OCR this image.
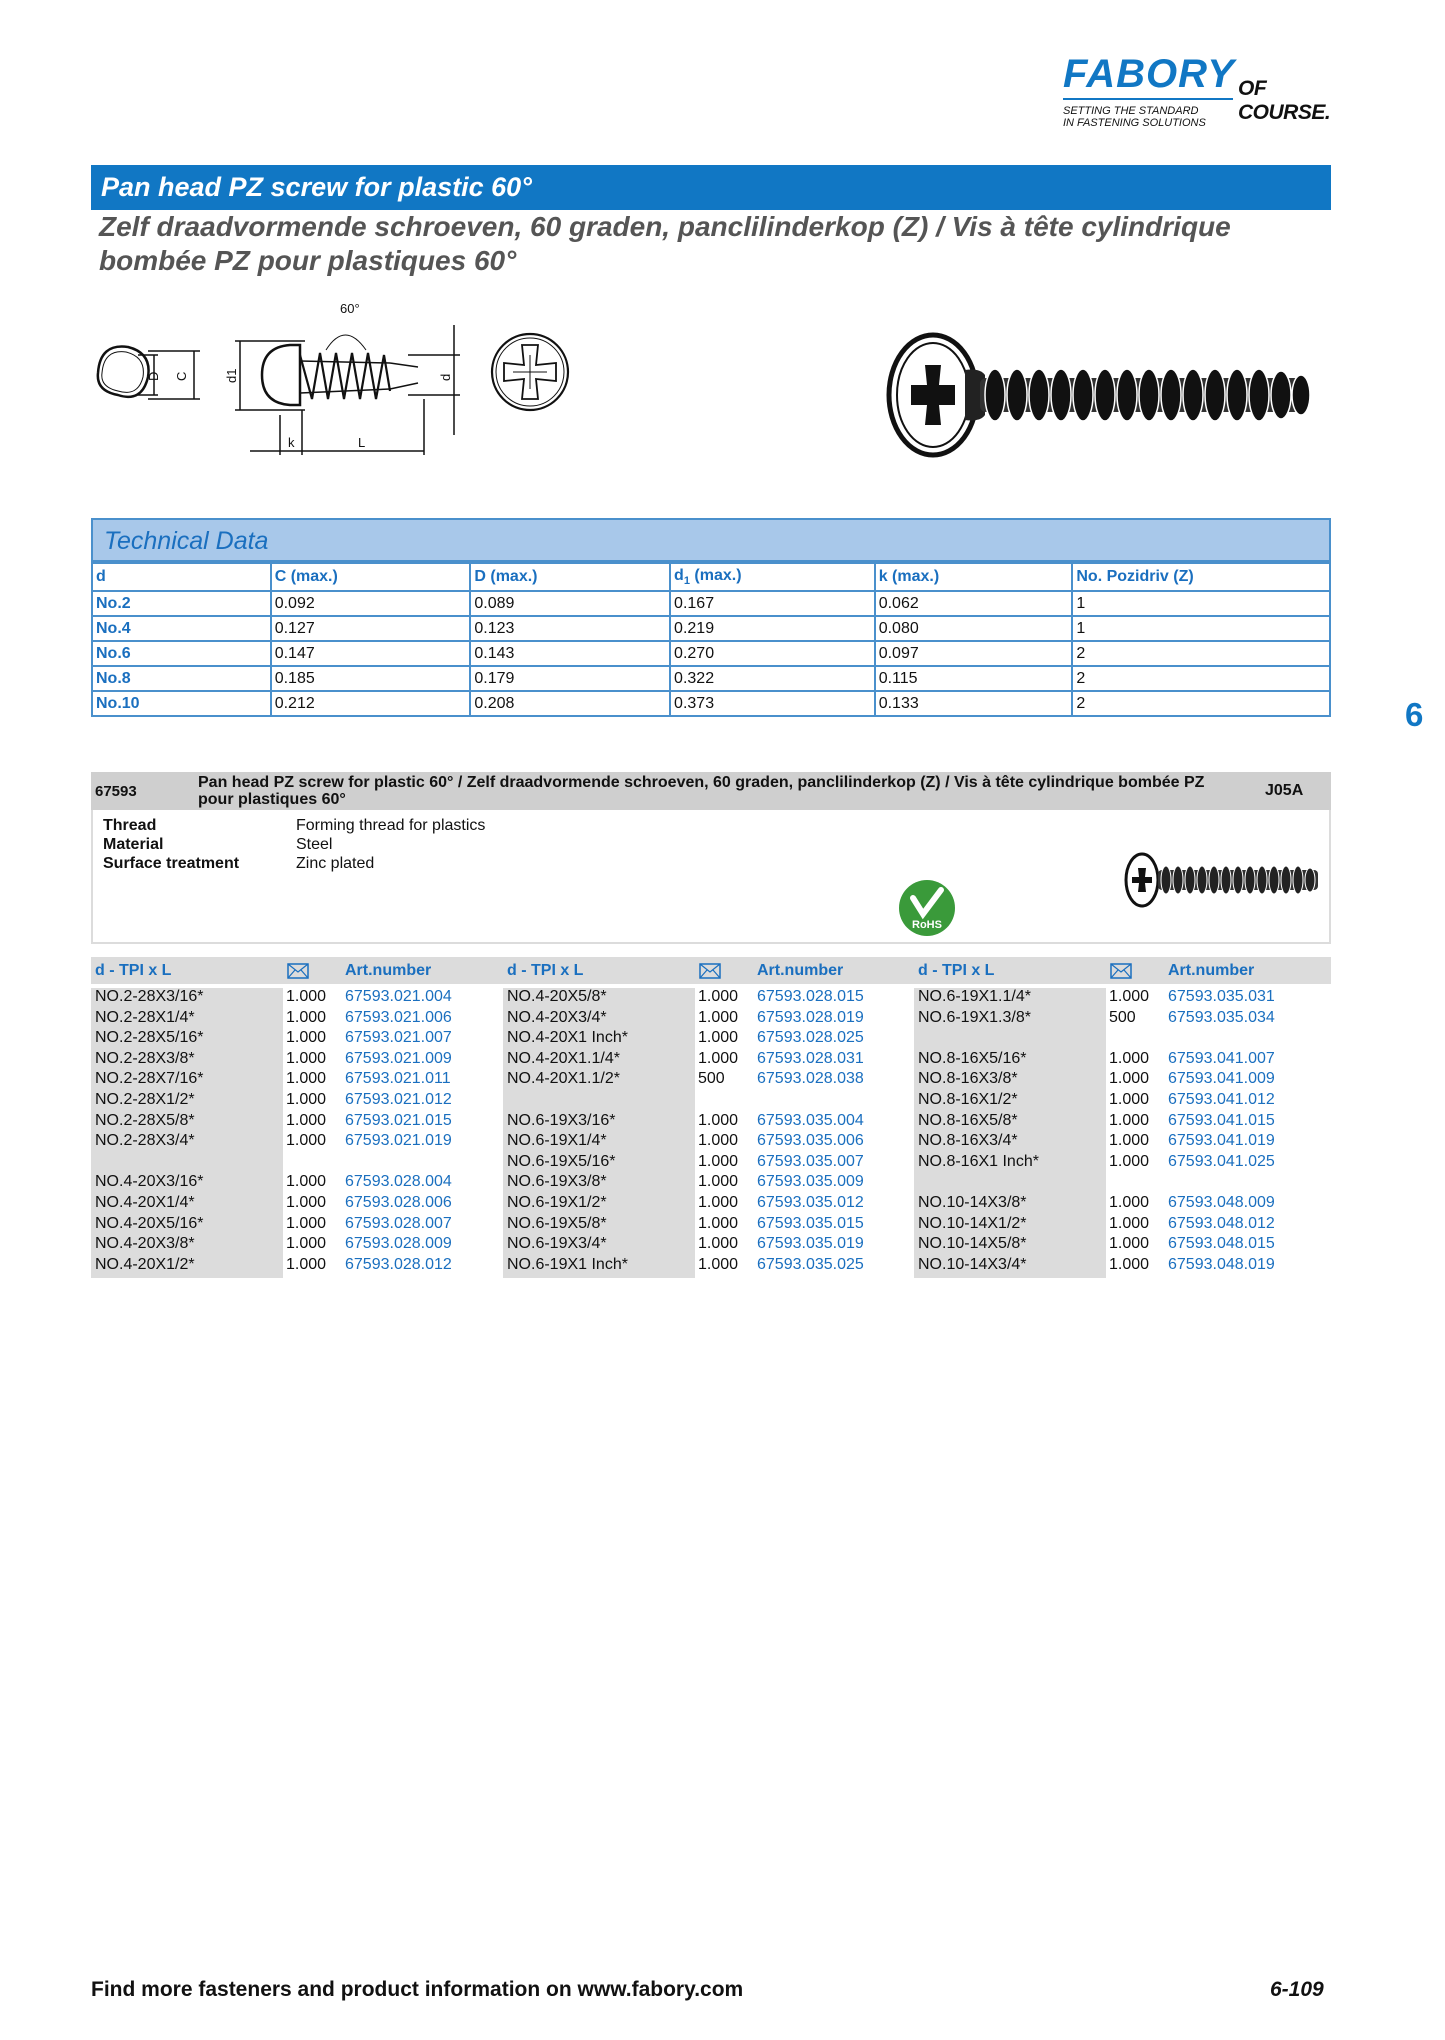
FABORY OF COURSE.
SETTING THE STANDARD
IN FASTENING SOLUTIONS
Pan head PZ screw for plastic 60°
Zelf draadvormende schroeven, 60 graden, panclilinderkop (Z) / Vis à tête cylindrique bombée PZ pour plastiques 60°
60°
D C	d1	d
k	L
Technical Data
d	C (max.)	D (max.)	$d_1$ (max.)	k (max.)	No. Pozidriv (Z)
No.2	0.092	0.089	0.167	0.062	1
No.4	0.127	0.123	0.219	0.080	1
No.6	0.147	0.143	0.270	0.097	2
No.8	0.185	0.179	0.322	0.115	2
No.10	0.212	0.208	0.373	0.133	2	6
67593
Pan head PZ screw for plastic 60° / Zelf draadvormende schroeven, 60 graden, panclilinderkop (Z) / Vis à tête cylindrique bombée PZ pour plastiques 60°
J05A
Thread	Forming thread for plastics
Material	Steel
Surface treatment	Zinc plated
RoHS
d - TPI x L	Art.number	d - TPI x L	Art.number	d - TPI x L	Art.number
NO.2-28X3/16*	1.000 67593.021.004
NO.2-28X1/4*	1.000 67593.021.006
NO.2-28X5/16*	1.000 67593.021.007
NO.2-28X3/8*	1.000 67593.021.009
NO.2-28X7/16*	1.000 67593.021.011
NO.2-28X1/2*	1.000 67593.021.012
NO.2-28X5/8*	1.000 67593.021.015
NO.2-28X3/4*	1.000 67593.021.019
NO.4-20X3/16*	1.000 67593.028.004
NO.4-20X1/4*	1.000 67593.028.006
NO.4-20X5/16*	1.000 67593.028.007
NO.4-20X3/8*	1.000 67593.028.009
NO.4-20X1/2*	1.000 67593.028.012
NO.4-20X5/8*	1.000 67593.028.015
NO.4-20X3/4*	1.000 67593.028.019
NO.4-20X1 Inch*	1.000 67593.028.025
NO.4-20X1.1/4*	1.000 67593.028.031
NO.4-20X1.1/2*	500 67593.028.038
NO.6-19X3/16*	1.000 67593.035.004
NO.6-19X1/4*	1.000 67593.035.006
NO.6-19X5/16*	1.000 67593.035.007
NO.6-19X3/8*	1.000 67593.035.009
NO.6-19X1/2*	1.000 67593.035.012
NO.6-19X5/8*	1.000 67593.035.015
NO.6-19X3/4*	1.000 67593.035.019
NO.6-19X1 Inch*	1.000 67593.035.025
NO.6-19X1.1/4*	1.000 67593.035.031
NO.6-19X1.3/8*	500 67593.035.034
NO.8-16X5/16*	1.000 67593.041.007
NO.8-16X3/8*	1.000 67593.041.009
NO.8-16X1/2*	1.000 67593.041.012
NO.8-16X5/8*	1.000 67593.041.015
NO.8-16X3/4*	1.000 67593.041.019
NO.8-16X1 Inch*	1.000 67593.041.025
NO.10-14X3/8*	1.000 67593.048.009
NO.10-14X1/2*	1.000 67593.048.012
NO.10-14X5/8*	1.000 67593.048.015
NO.10-14X3/4*	1.000 67593.048.019
Find more fasteners and product information on www.fabory.com	6-109
